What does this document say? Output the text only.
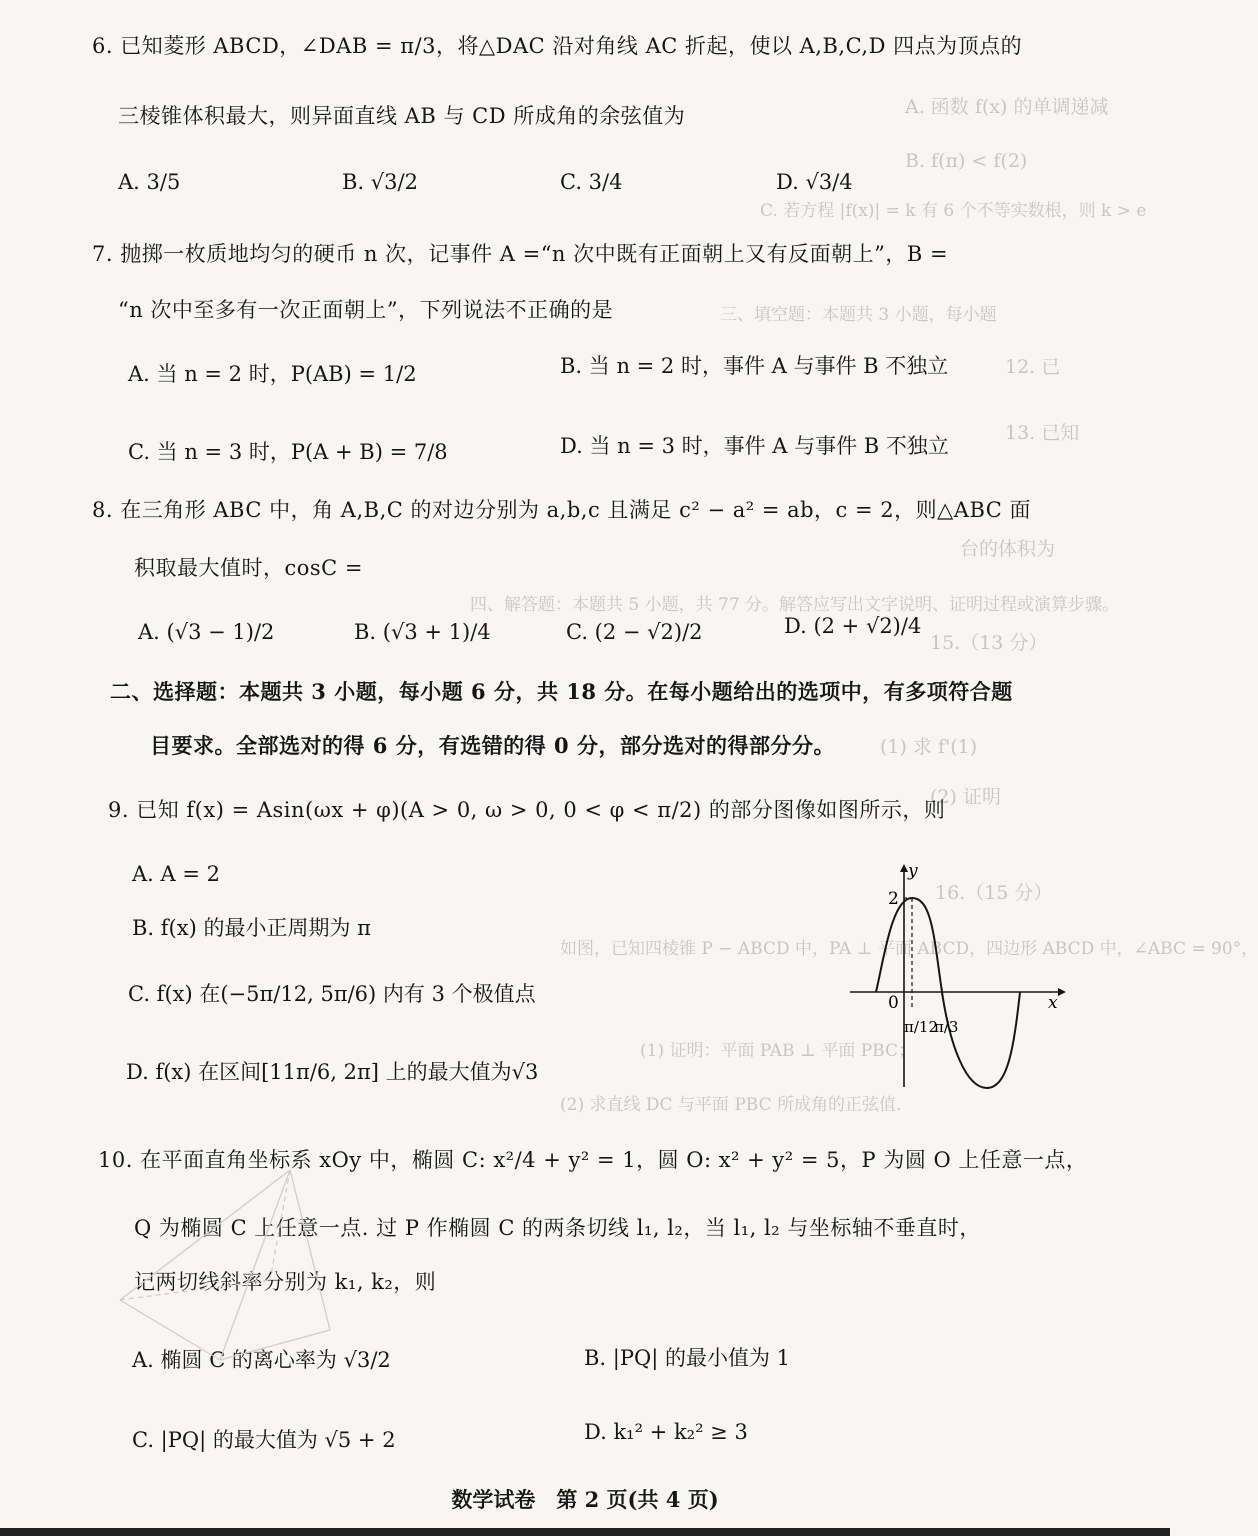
A. 函数 f(x) 的单调递减
B. f(π) < f(2)
C. 若方程 |f(x)| = k 有 6 个不等实数根，则 k > e
三、填空题：本题共 3 小题，每小题
12. 已
13. 已知
台的体积为
四、解答题：本题共 5 小题，共 77 分。解答应写出文字说明、证明过程或演算步骤。
15.（13 分）
(1) 求 f'(1)
(2) 证明
16.（15 分）
如图，已知四棱锥 P − ABCD 中，PA ⊥ 平面 ABCD，四边形 ABCD 中，∠ABC = 90°，
(1) 证明：平面 PAB ⊥ 平面 PBC；
(2) 求直线 DC 与平面 PBC 所成角的正弦值.
6. 已知菱形 ABCD，∠DAB = π/3，将△DAC 沿对角线 AC 折起，使以 A,B,C,D 四点为顶点的
三棱锥体积最大，则异面直线 AB 与 CD 所成角的余弦值为
A. 3/5	B. √3/2	C. 3/4	D. √3/4
7. 抛掷一枚质地均匀的硬币 n 次，记事件 A =“n 次中既有正面朝上又有反面朝上”，B =
“n 次中至多有一次正面朝上”，下列说法不正确的是
A. 当 n = 2 时，P(AB) = 1/2	B. 当 n = 2 时，事件 A 与事件 B 不独立
C. 当 n = 3 时，P(A + B) = 7/8	D. 当 n = 3 时，事件 A 与事件 B 不独立
8. 在三角形 ABC 中，角 A,B,C 的对边分别为 a,b,c 且满足 c² − a² = ab，c = 2，则△ABC 面
积取最大值时，cosC =
A. (√3 − 1)/2	B. (√3 + 1)/4	C. (2 − √2)/2	D. (2 + √2)/4
二、选择题：本题共 3 小题，每小题 6 分，共 18 分。在每小题给出的选项中，有多项符合题
目要求。全部选对的得 6 分，有选错的得 0 分，部分选对的得部分分。
9. 已知 f(x) = Asin(ωx + φ)(A > 0, ω > 0, 0 < φ < π/2) 的部分图像如图所示，则
A. A = 2
B. f(x) 的最小正周期为 π
C. f(x) 在(−5π/12, 5π/6) 内有 3 个极值点
D. f(x) 在区间[11π/6, 2π] 上的最大值为√3
y
x
2
0
π/12
π/3
10. 在平面直角坐标系 xOy 中，椭圆 C: x²/4 + y² = 1，圆 O: x² + y² = 5，P 为圆 O 上任意一点，
Q 为椭圆 C 上任意一点. 过 P 作椭圆 C 的两条切线 l₁, l₂，当 l₁, l₂ 与坐标轴不垂直时，
记两切线斜率分别为 k₁, k₂，则
A. 椭圆 C 的离心率为 √3/2	B. |PQ| 的最小值为 1
C. |PQ| 的最大值为 √5 + 2	D. k₁² + k₂² ≥ 3
数学试卷　第 2 页(共 4 页)
